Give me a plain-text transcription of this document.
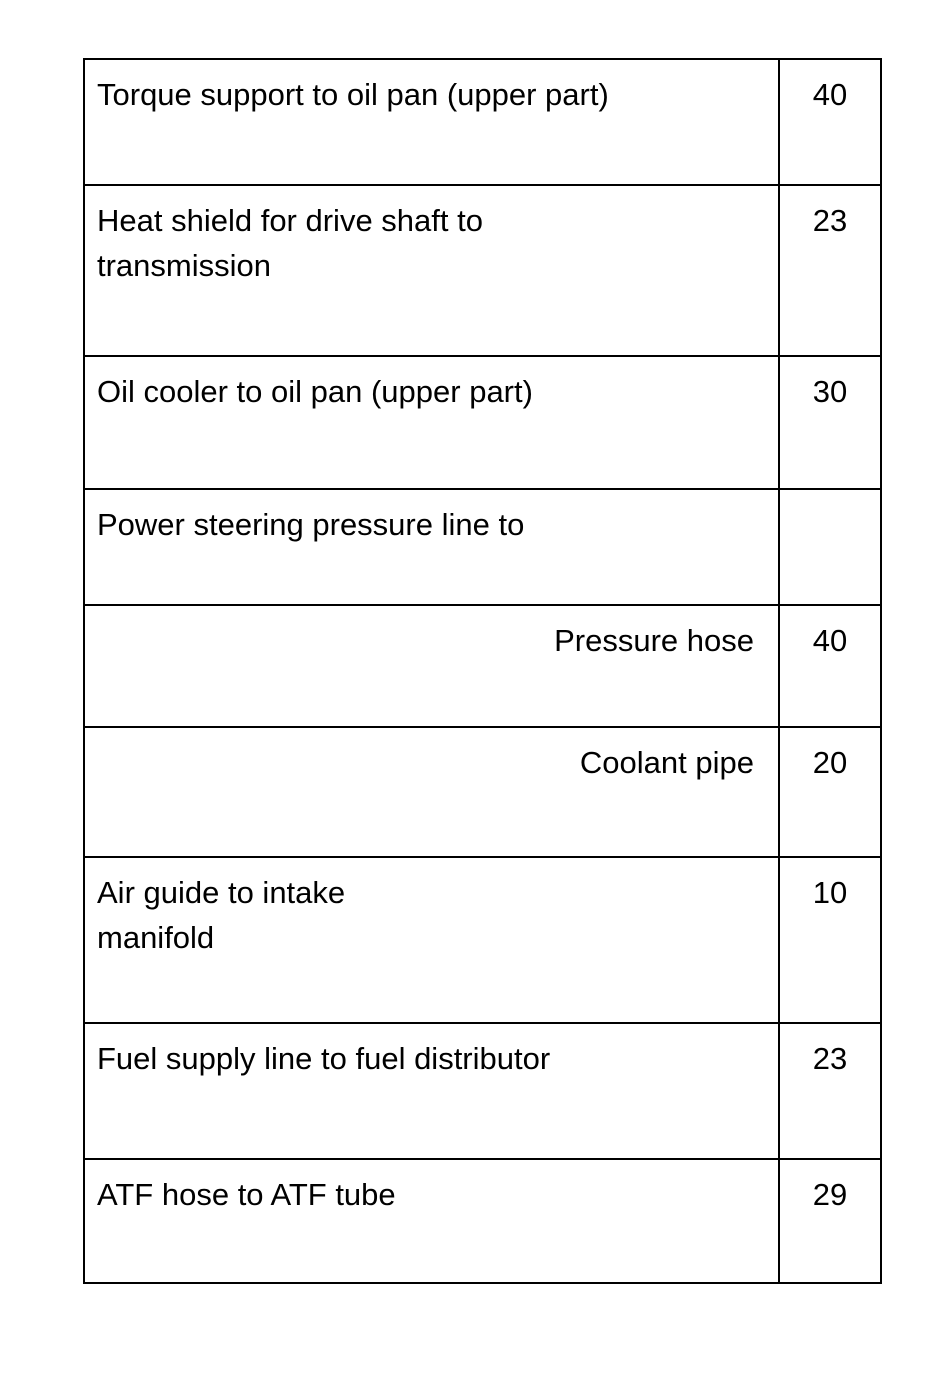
Torque support to oil pan (upper part)	40

Heat shield for drive shaft to
transmission	23

Oil cooler to oil pan (upper part)	30

Power steering pressure line to	

Pressure hose	40

Coolant pipe	20

Air guide to intake
manifold	10

Fuel supply line to fuel distributor	23

ATF hose to ATF tube	29
